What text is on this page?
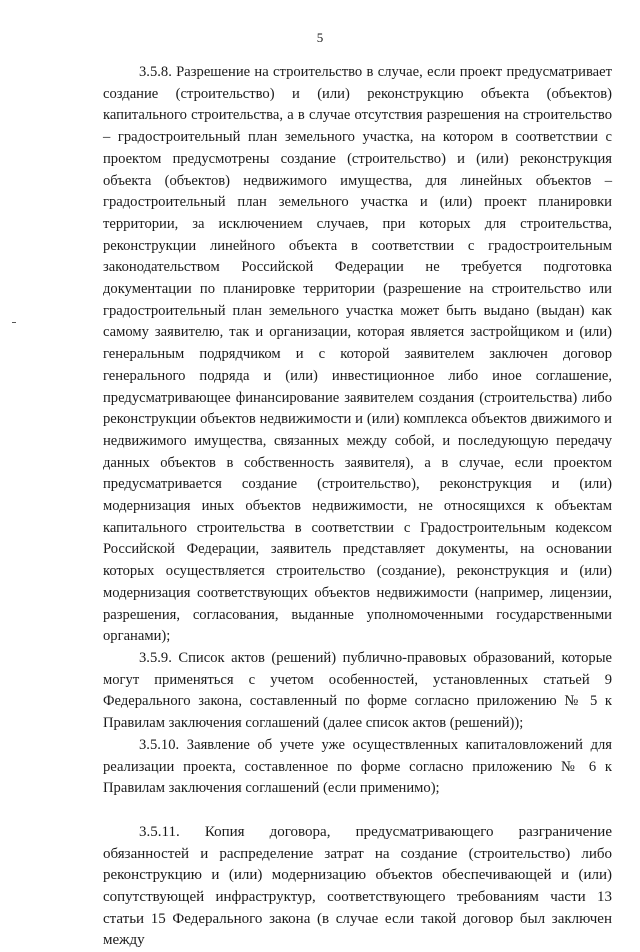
5

3.5.8. Разрешение на строительство в случае, если проект предусматривает создание (строительство) и (или) реконструкцию объекта (объектов) капитального строительства, а в случае отсутствия разрешения на строительство – градостроительный план земельного участка, на котором в соответствии с проектом предусмотрены создание (строительство) и (или) реконструкция объекта (объектов) недвижимого имущества, для линейных объектов – градостроительный план земельного участка и (или) проект планировки территории, за исключением случаев, при которых для строительства, реконструкции линейного объекта в соответствии с градостроительным законодательством Российской Федерации не требуется подготовка документации по планировке территории (разрешение на строительство или градостроительный план земельного участка может быть выдано (выдан) как самому заявителю, так и организации, которая является застройщиком и (или) генеральным подрядчиком и с которой заявителем заключен договор генерального подряда и (или) инвестиционное либо иное соглашение, предусматривающее финансирование заявителем создания (строительства) либо реконструкции объектов недвижимости и (или) комплекса объектов движимого и недвижимого имущества, связанных между собой, и последующую передачу данных объектов в собственность заявителя), а в случае, если проектом предусматривается создание (строительство), реконструкция и (или) модернизация иных объектов недвижимости, не относящихся к объектам капитального строительства в соответствии с Градостроительным кодексом Российской Федерации, заявитель представляет документы, на основании которых осуществляется строительство (создание), реконструкция и (или) модернизация соответствующих объектов недвижимости (например, лицензии, разрешения, согласования, выданные уполномоченными государственными органами);

3.5.9. Список актов (решений) публично-правовых образований, которые могут применяться с учетом особенностей, установленных статьей 9 Федерального закона, составленный по форме согласно приложению № 5 к Правилам заключения соглашений (далее список актов (решений));

3.5.10. Заявление об учете уже осуществленных капиталовложений для реализации проекта, составленное по форме согласно приложению № 6 к Правилам заключения соглашений (если применимо);

3.5.11. Копия договора, предусматривающего разграничение обязанностей и распределение затрат на создание (строительство) либо реконструкцию и (или) модернизацию объектов обеспечивающей и (или) сопутствующей инфраструктур, соответствующего требованиям части 13 статьи 15 Федерального закона (в случае если такой договор был заключен между
